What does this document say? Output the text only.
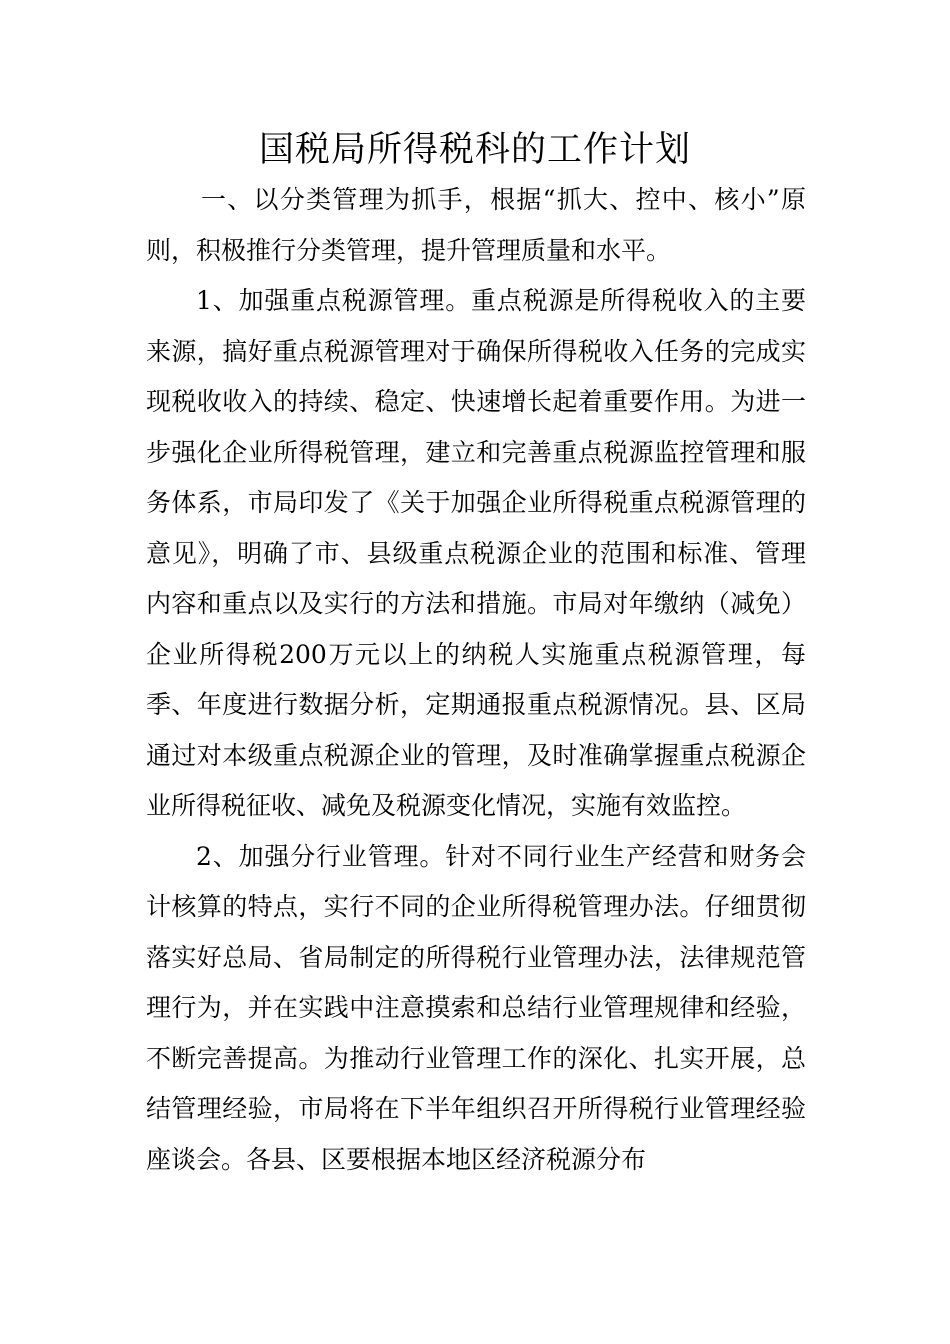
国税局所得税科的工作计划

一、以分类管理为抓手，根据“抓大、控中、核小”原则，积极推行分类管理，提升管理质量和水平。

1、加强重点税源管理。重点税源是所得税收入的主要来源，搞好重点税源管理对于确保所得税收入任务的完成实现税收收入的持续、稳定、快速增长起着重要作用。为进一步强化企业所得税管理，建立和完善重点税源监控管理和服务体系，市局印发了《关于加强企业所得税重点税源管理的意见》，明确了市、县级重点税源企业的范围和标准、管理内容和重点以及实行的方法和措施。市局对年缴纳（减免）企业所得税200万元以上的纳税人实施重点税源管理，每季、年度进行数据分析，定期通报重点税源情况。县、区局通过对本级重点税源企业的管理，及时准确掌握重点税源企业所得税征收、减免及税源变化情况，实施有效监控。

2、加强分行业管理。针对不同行业生产经营和财务会计核算的特点，实行不同的企业所得税管理办法。仔细贯彻落实好总局、省局制定的所得税行业管理办法，法律规范管理行为，并在实践中注意摸索和总结行业管理规律和经验，不断完善提高。为推动行业管理工作的深化、扎实开展，总结管理经验，市局将在下半年组织召开所得税行业管理经验座谈会。各县、区要根据本地区经济税源分布
